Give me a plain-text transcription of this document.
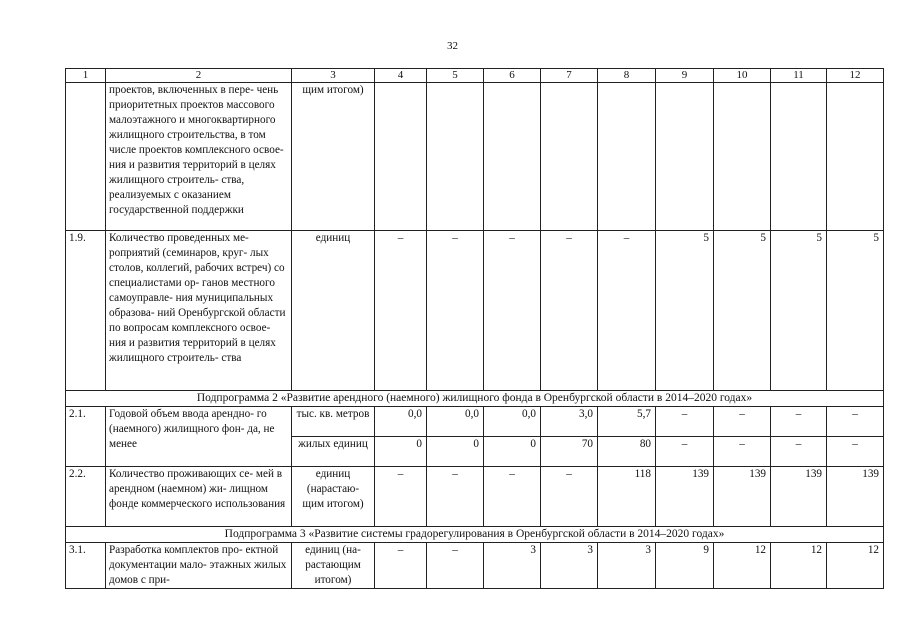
32
1	2	3	4	5	6	7	8	9	10	11	12
	проектов, включенных в пере- чень приоритетных проектов массового малоэтажного и многоквартирного жилищного строительства, в том числе проектов комплексного освое- ния и развития территорий в целях жилищного строитель- ства, реализуемых с оказанием государственной поддержки	щим итогом)									
1.9.	Количество проведенных ме- роприятий (семинаров, круг- лых столов, коллегий, рабочих встреч) со специалистами ор- ганов местного самоуправле- ния муниципальных образова- ний Оренбургской области по вопросам комплексного освое- ния и развития территорий в целях жилищного строитель- ства	единиц	–	–	–	–	–	5	5	5	5
Подпрограмма 2 «Развитие арендного (наемного) жилищного фонда в Оренбургской области в 2014–2020 годах»											
2.1.	Годовой объем ввода арендно- го (наемного) жилищного фон- да, не менее	тыс. кв. метров	0,0	0,0	0,0	3,0	5,7	–	–	–	–
		жилых единиц	0	0	0	70	80	–	–	–	–
2.2.	Количество проживающих се- мей в арендном (наемном) жи- лищном фонде коммерческого использования	единиц (нарастаю- щим итогом)	–	–	–	–	118	139	139	139	139
Подпрограмма 3 «Развитие системы градорегулирования в Оренбургской области в 2014–2020 годах»											
3.1.	Разработка комплектов про- ектной документации мало- этажных жилых домов с при-	единиц (на- растающим итогом)	–	–	3	3	3	9	12	12	12
